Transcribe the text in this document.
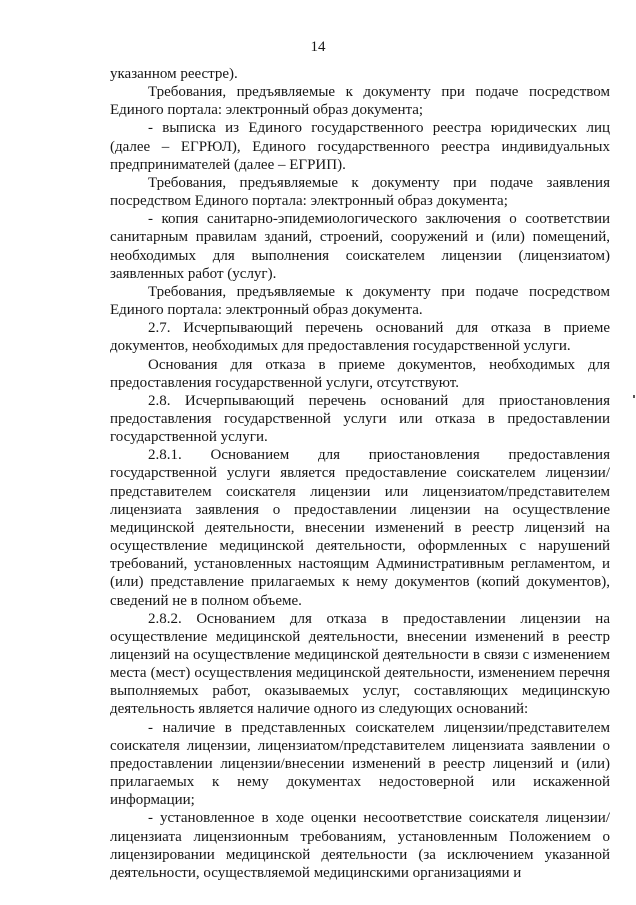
14

указанном реестре).

Требования, предъявляемые к документу при подаче посредством Единого портала: электронный образ документа;

- выписка из Единого государственного реестра юридических лиц (далее – ЕГРЮЛ), Единого государственного реестра индивидуальных предпринимателей (далее – ЕГРИП).

Требования, предъявляемые к документу при подаче заявления посредством Единого портала: электронный образ документа;

- копия санитарно-эпидемиологического заключения о соответствии санитарным правилам зданий, строений, сооружений и (или) помещений, необходимых для выполнения соискателем лицензии (лицензиатом) заявленных работ (услуг).

Требования, предъявляемые к документу при подаче посредством Единого портала: электронный образ документа.

2.7. Исчерпывающий перечень оснований для отказа в приеме документов, необходимых для предоставления государственной услуги.

Основания для отказа в приеме документов, необходимых для предоставления государственной услуги, отсутствуют.

2.8. Исчерпывающий перечень оснований для приостановления предоставления государственной услуги или отказа в предоставлении государственной услуги.

2.8.1. Основанием для приостановления предоставления государственной услуги является предоставление соискателем лицензии/представителем соискателя лицензии или лицензиатом/представителем лицензиата заявления о предоставлении лицензии на осуществление медицинской деятельности, внесении изменений в реестр лицензий на осуществление медицинской деятельности, оформленных с нарушений требований, установленных настоящим Административным регламентом, и (или) представление прилагаемых к нему документов (копий документов), сведений не в полном объеме.

2.8.2. Основанием для отказа в предоставлении лицензии на осуществление медицинской деятельности, внесении изменений в реестр лицензий на осуществление медицинской деятельности в связи с изменением места (мест) осуществления медицинской деятельности, изменением перечня выполняемых работ, оказываемых услуг, составляющих медицинскую деятельность является наличие одного из следующих оснований:

- наличие в представленных соискателем лицензии/представителем соискателя лицензии, лицензиатом/представителем лицензиата заявлении о предоставлении лицензии/внесении изменений в реестр лицензий и (или) прилагаемых к нему документах недостоверной или искаженной информации;

- установленное в ходе оценки несоответствие соискателя лицензии/лицензиата лицензионным требованиям, установленным Положением о лицензировании медицинской деятельности (за исключением указанной деятельности, осуществляемой медицинскими организациями и
